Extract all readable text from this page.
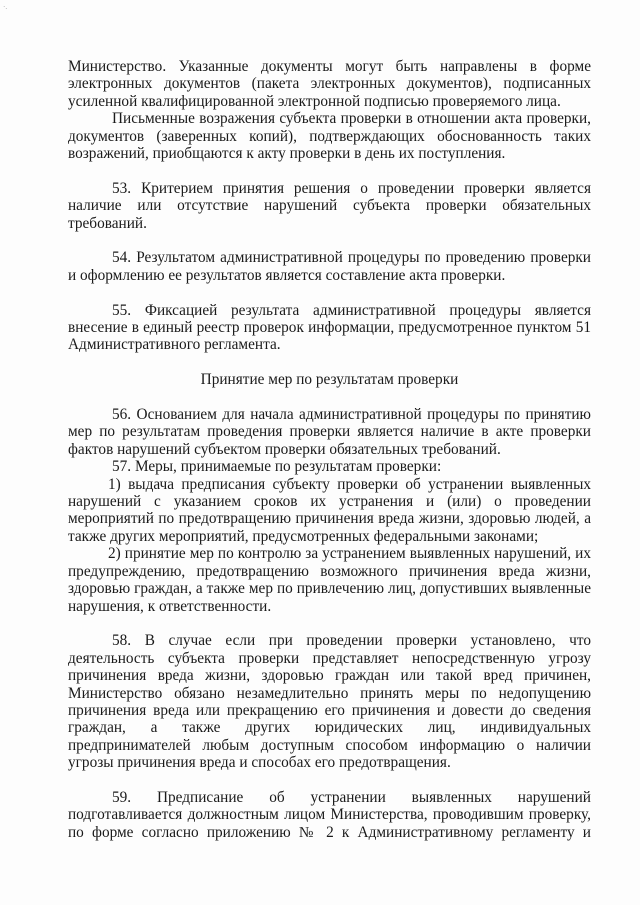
·.

Министерство. Указанные документы могут быть направлены в форме электронных документов (пакета электронных документов), подписанных усиленной квалифицированной электронной подписью проверяемого лица.

Письменные возражения субъекта проверки в отношении акта проверки, документов (заверенных копий), подтверждающих обоснованность таких возражений, приобщаются к акту проверки в день их поступления.

53. Критерием принятия решения о проведении проверки является наличие или отсутствие нарушений субъекта проверки обязательных требований.

54. Результатом административной процедуры по проведению проверки и оформлению ее результатов является составление акта проверки.

55. Фиксацией результата административной процедуры является внесение в единый реестр проверок информации, предусмотренное пунктом 51 Административного регламента.

Принятие мер по результатам проверки

56. Основанием для начала административной процедуры по принятию мер по результатам проведения проверки является наличие в акте проверки фактов нарушений субъектом проверки обязательных требований.

57. Меры, принимаемые по результатам проверки:

1) выдача предписания субъекту проверки об устранении выявленных нарушений с указанием сроков их устранения и (или) о проведении мероприятий по предотвращению причинения вреда жизни, здоровью людей, а также других мероприятий, предусмотренных федеральными законами;

2) принятие мер по контролю за устранением выявленных нарушений, их предупреждению, предотвращению возможного причинения вреда жизни, здоровью граждан, а также мер по привлечению лиц, допустивших выявленные нарушения, к ответственности.

58. В случае если при проведении проверки установлено, что деятельность субъекта проверки представляет непосредственную угрозу причинения вреда жизни, здоровью граждан или такой вред причинен, Министерство обязано незамедлительно принять меры по недопущению причинения вреда или прекращению его причинения и довести до сведения граждан, а также других юридических лиц, индивидуальных предпринимателей любым доступным способом информацию о наличии угрозы причинения вреда и способах его предотвращения.

59. Предписание об устранении выявленных нарушений подготавливается должностным лицом Министерства, проводившим проверку, по форме согласно приложению № 2 к Административному регламенту и
